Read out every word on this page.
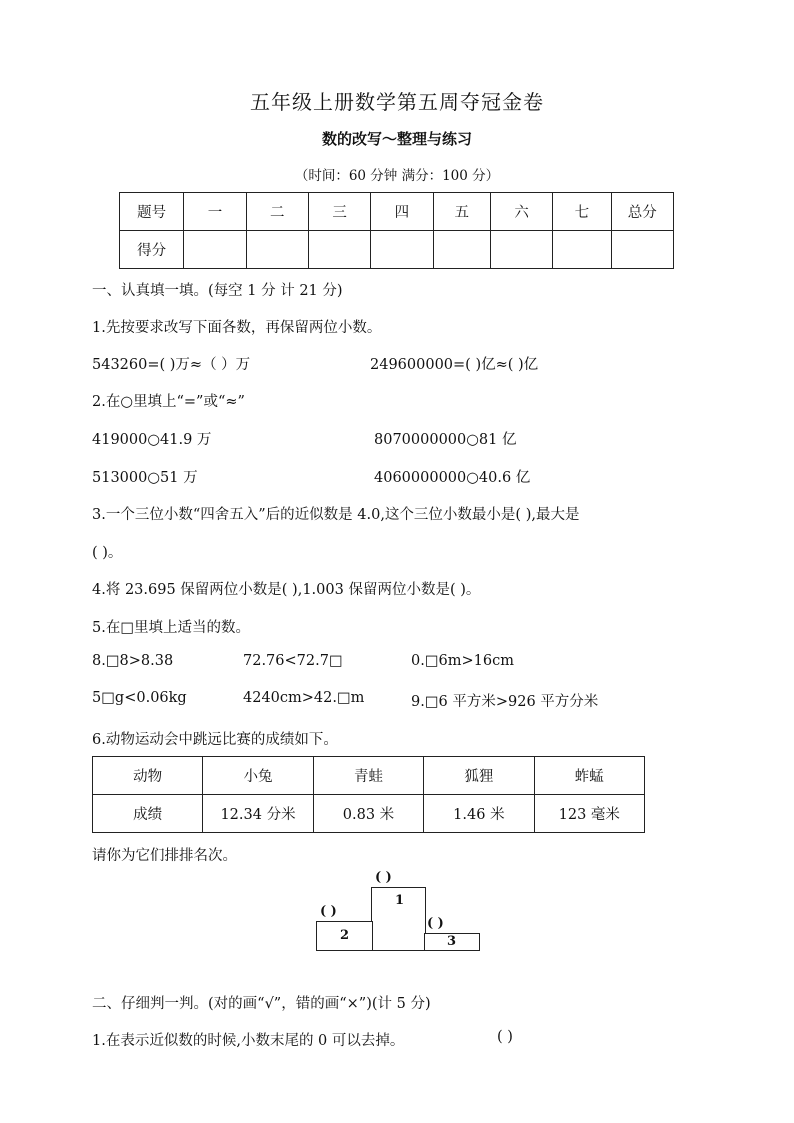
五年级上册数学第五周夺冠金卷
数的改写～整理与练习
（时间：60 分钟 满分：100 分）
题号	一	二	三	四	五	六	七	总分
得分								
一、认真填一填。(每空 1 分 计 21 分)
1.先按要求改写下面各数，再保留两位小数。
543260=( )万≈（ ）万	249600000=( )亿≈( )亿
2.在○里填上“=”或“≈”
419000○41.9 万	8070000000○81 亿
513000○51 万	4060000000○40.6 亿
3.一个三位小数“四舍五入”后的近似数是 4.0,这个三位小数最小是( ),最大是
( )。
4.将 23.695 保留两位小数是( ),1.003 保留两位小数是( )。
5.在□里填上适当的数。
8.□8>8.38	72.76<72.7□	0.□6m>16cm
5□g<0.06kg	4240cm>42.□m	9.□6 平方米>926 平方分米
6.动物运动会中跳远比赛的成绩如下。
动物	小兔	青蛙	狐狸	蚱蜢
成绩	12.34 分米	0.83 米	1.46 米	123 毫米
请你为它们排排名次。
( )
( )
( )
1
2	3
二、仔细判一判。(对的画“√”，错的画“×”)(计 5 分)
1.在表示近似数的时候,小数末尾的 0 可以去掉。	( )
